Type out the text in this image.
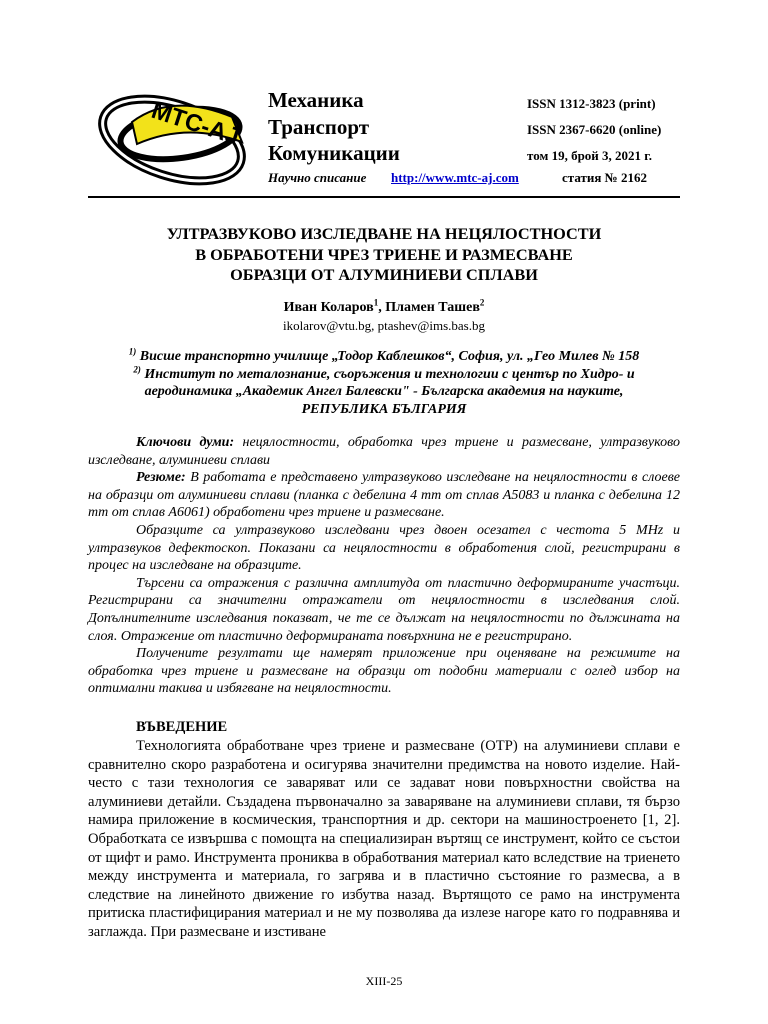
MTC-AJ Механика
Транспорт
Комуникации
ISSN 1312-3823 (print)
ISSN 2367-6620 (online)
том 19, брой 3, 2021 г.
Научно списание http://www.mtc-aj.com	статия № 2162
УЛТРАЗВУКОВО ИЗСЛЕДВАНЕ НА НЕЦЯЛОСТНОСТИ
В ОБРАБОТЕНИ ЧРЕЗ ТРИЕНЕ И РАЗМЕСВАНЕ
ОБРАЗЦИ ОТ АЛУМИНИЕВИ СПЛАВИ
Иван Коларов$^1$, Пламен Ташев$^2$
ikolarov@vtu.bg, ptashev@ims.bas.bg
$^{1)}$ Висше транспортно училище „Тодор Каблешков“, София, ул. „Гео Милев № 158
$^{2)}$ Институт по металознание, съоръжения и технологии с център по Хидро- и
аеродинамика „Академик Ангел Балевски" - Българска академия на науките,
РЕПУБЛИКА БЪЛГАРИЯ

Ключови думи: нецялостности, обработка чрез триене и размесване, ултразвуково изследване, алуминиеви сплави

Резюме: В работата е представено ултразвуково изследване на нецялостности в слоеве на образци от алуминиеви сплави (планка с дебелина 4 mm от сплав А5083 и планка с дебелина 12 mm от сплав А6061) обработени чрез триене и размесване.

Образците са ултразвуково изследвани чрез двоен осезател с честота 5 MHz и ултразвуков дефектоскоп. Показани са нецялостности в обработения слой, регистрирани в процес на изследване на образците.

Търсени са отражения с различна амплитуда от пластично деформираните участъци. Регистрирани са значителни отражатели от нецялостности в изследвания слой. Допълнителните изследвания показват, че те се дължат на нецялостности по дължината на слоя. Отражение от пластично деформираната повърхнина не е регистрирано.

Получените резултати ще намерят приложение при оценяване на режимите на обработка чрез триене и размесване на образци от подобни материали с оглед избор на оптимални такива и избягване на нецялостности.

ВЪВЕДЕНИЕ

Технологията обработване чрез триене и размесване (ОТР) на алуминиеви сплави е сравнително скоро разработена и осигурява значителни предимства на новото изделие. Най-често с тази технология се заваряват или се задават нови повърхностни свойства на алуминиеви детайли. Създадена първоначално за заваряване на алуминиеви сплави, тя бързо намира приложение в космическия, транспортния и др. сектори на машиностроенето [1, 2]. Обработката се извършва с помощта на специализиран въртящ се инструмент, който се състои от щифт и рамо. Инструмента прониква в обработвания материал като вследствие на триенето между инструмента и материала, го загрява и в пластично състояние го размесва, а в следствие на линейното движение го избутва назад. Въртящото се рамо на инструмента притиска пластифицирания материал и не му позволява да излезе нагоре като го подравнява и заглажда. При размесване и изстиване

XIII-25
